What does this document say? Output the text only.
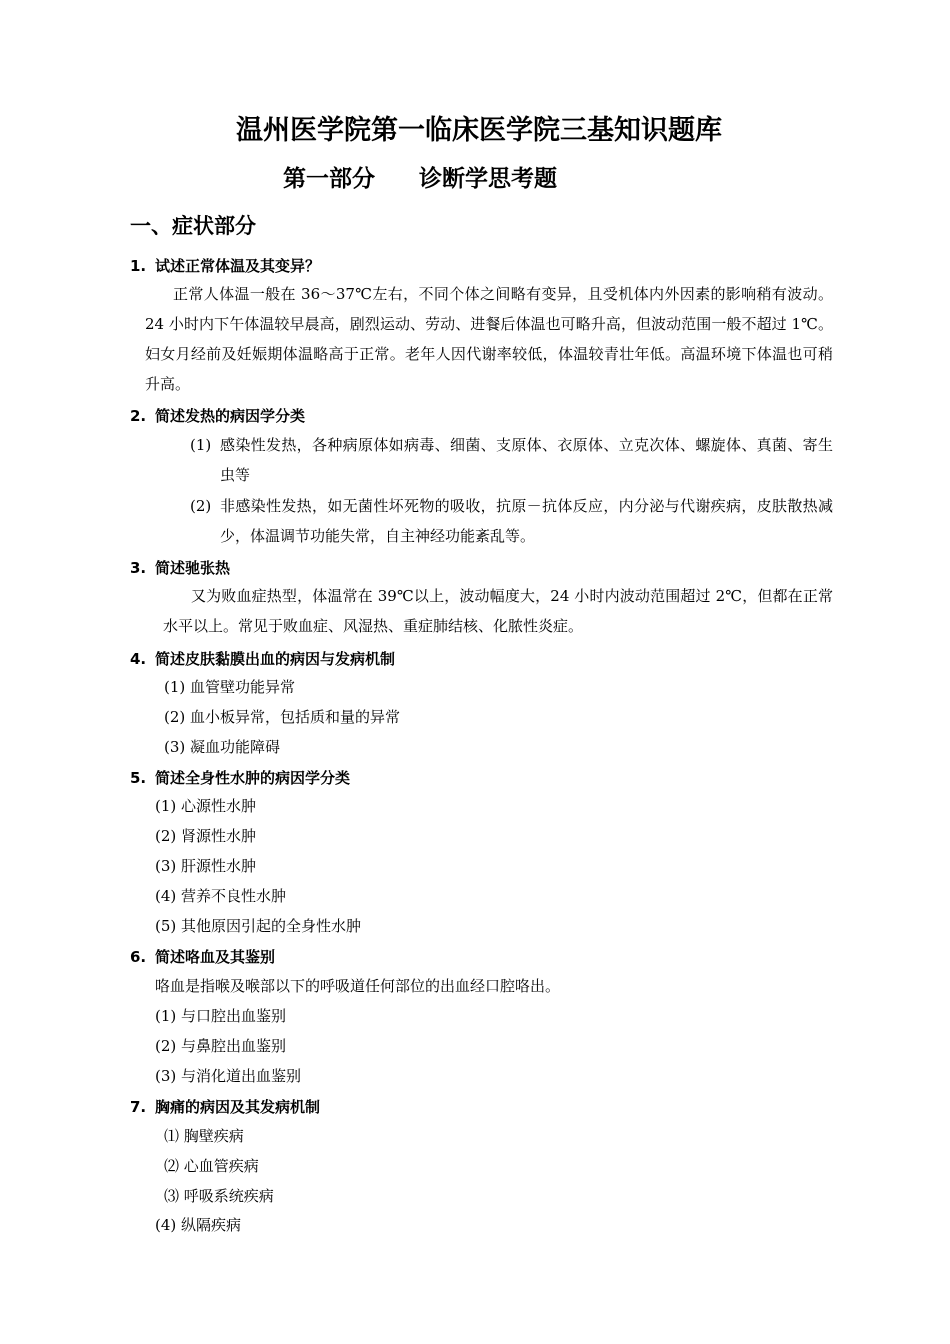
温州医学院第一临床医学院三基知识题库
第一部分 诊断学思考题
一、症状部分
1. 试述正常体温及其变异？
正常人体温一般在 36～37℃左右，不同个体之间略有变异，且受机体内外因素的影响稍有波动。24 小时内下午体温较早晨高，剧烈运动、劳动、进餐后体温也可略升高，但波动范围一般不超过 1℃。妇女月经前及妊娠期体温略高于正常。老年人因代谢率较低，体温较青壮年低。高温环境下体温也可稍升高。
2. 简述发热的病因学分类
(1) 感染性发热，各种病原体如病毒、细菌、支原体、衣原体、立克次体、螺旋体、真菌、寄生虫等
(2) 非感染性发热，如无菌性坏死物的吸收，抗原－抗体反应，内分泌与代谢疾病，皮肤散热减少，体温调节功能失常，自主神经功能紊乱等。
3. 简述驰张热
又为败血症热型，体温常在 39℃以上，波动幅度大，24 小时内波动范围超过 2℃，但都在正常水平以上。常见于败血症、风湿热、重症肺结核、化脓性炎症。
4. 简述皮肤黏膜出血的病因与发病机制
(1) 血管壁功能异常
(2) 血小板异常，包括质和量的异常
(3) 凝血功能障碍
5. 简述全身性水肿的病因学分类
(1) 心源性水肿
(2) 肾源性水肿
(3) 肝源性水肿
(4) 营养不良性水肿
(5) 其他原因引起的全身性水肿
6. 简述咯血及其鉴别
咯血是指喉及喉部以下的呼吸道任何部位的出血经口腔咯出。
(1) 与口腔出血鉴别
(2) 与鼻腔出血鉴别
(3) 与消化道出血鉴别
7. 胸痛的病因及其发病机制
⑴ 胸壁疾病
⑵ 心血管疾病
⑶ 呼吸系统疾病
(4) 纵隔疾病
